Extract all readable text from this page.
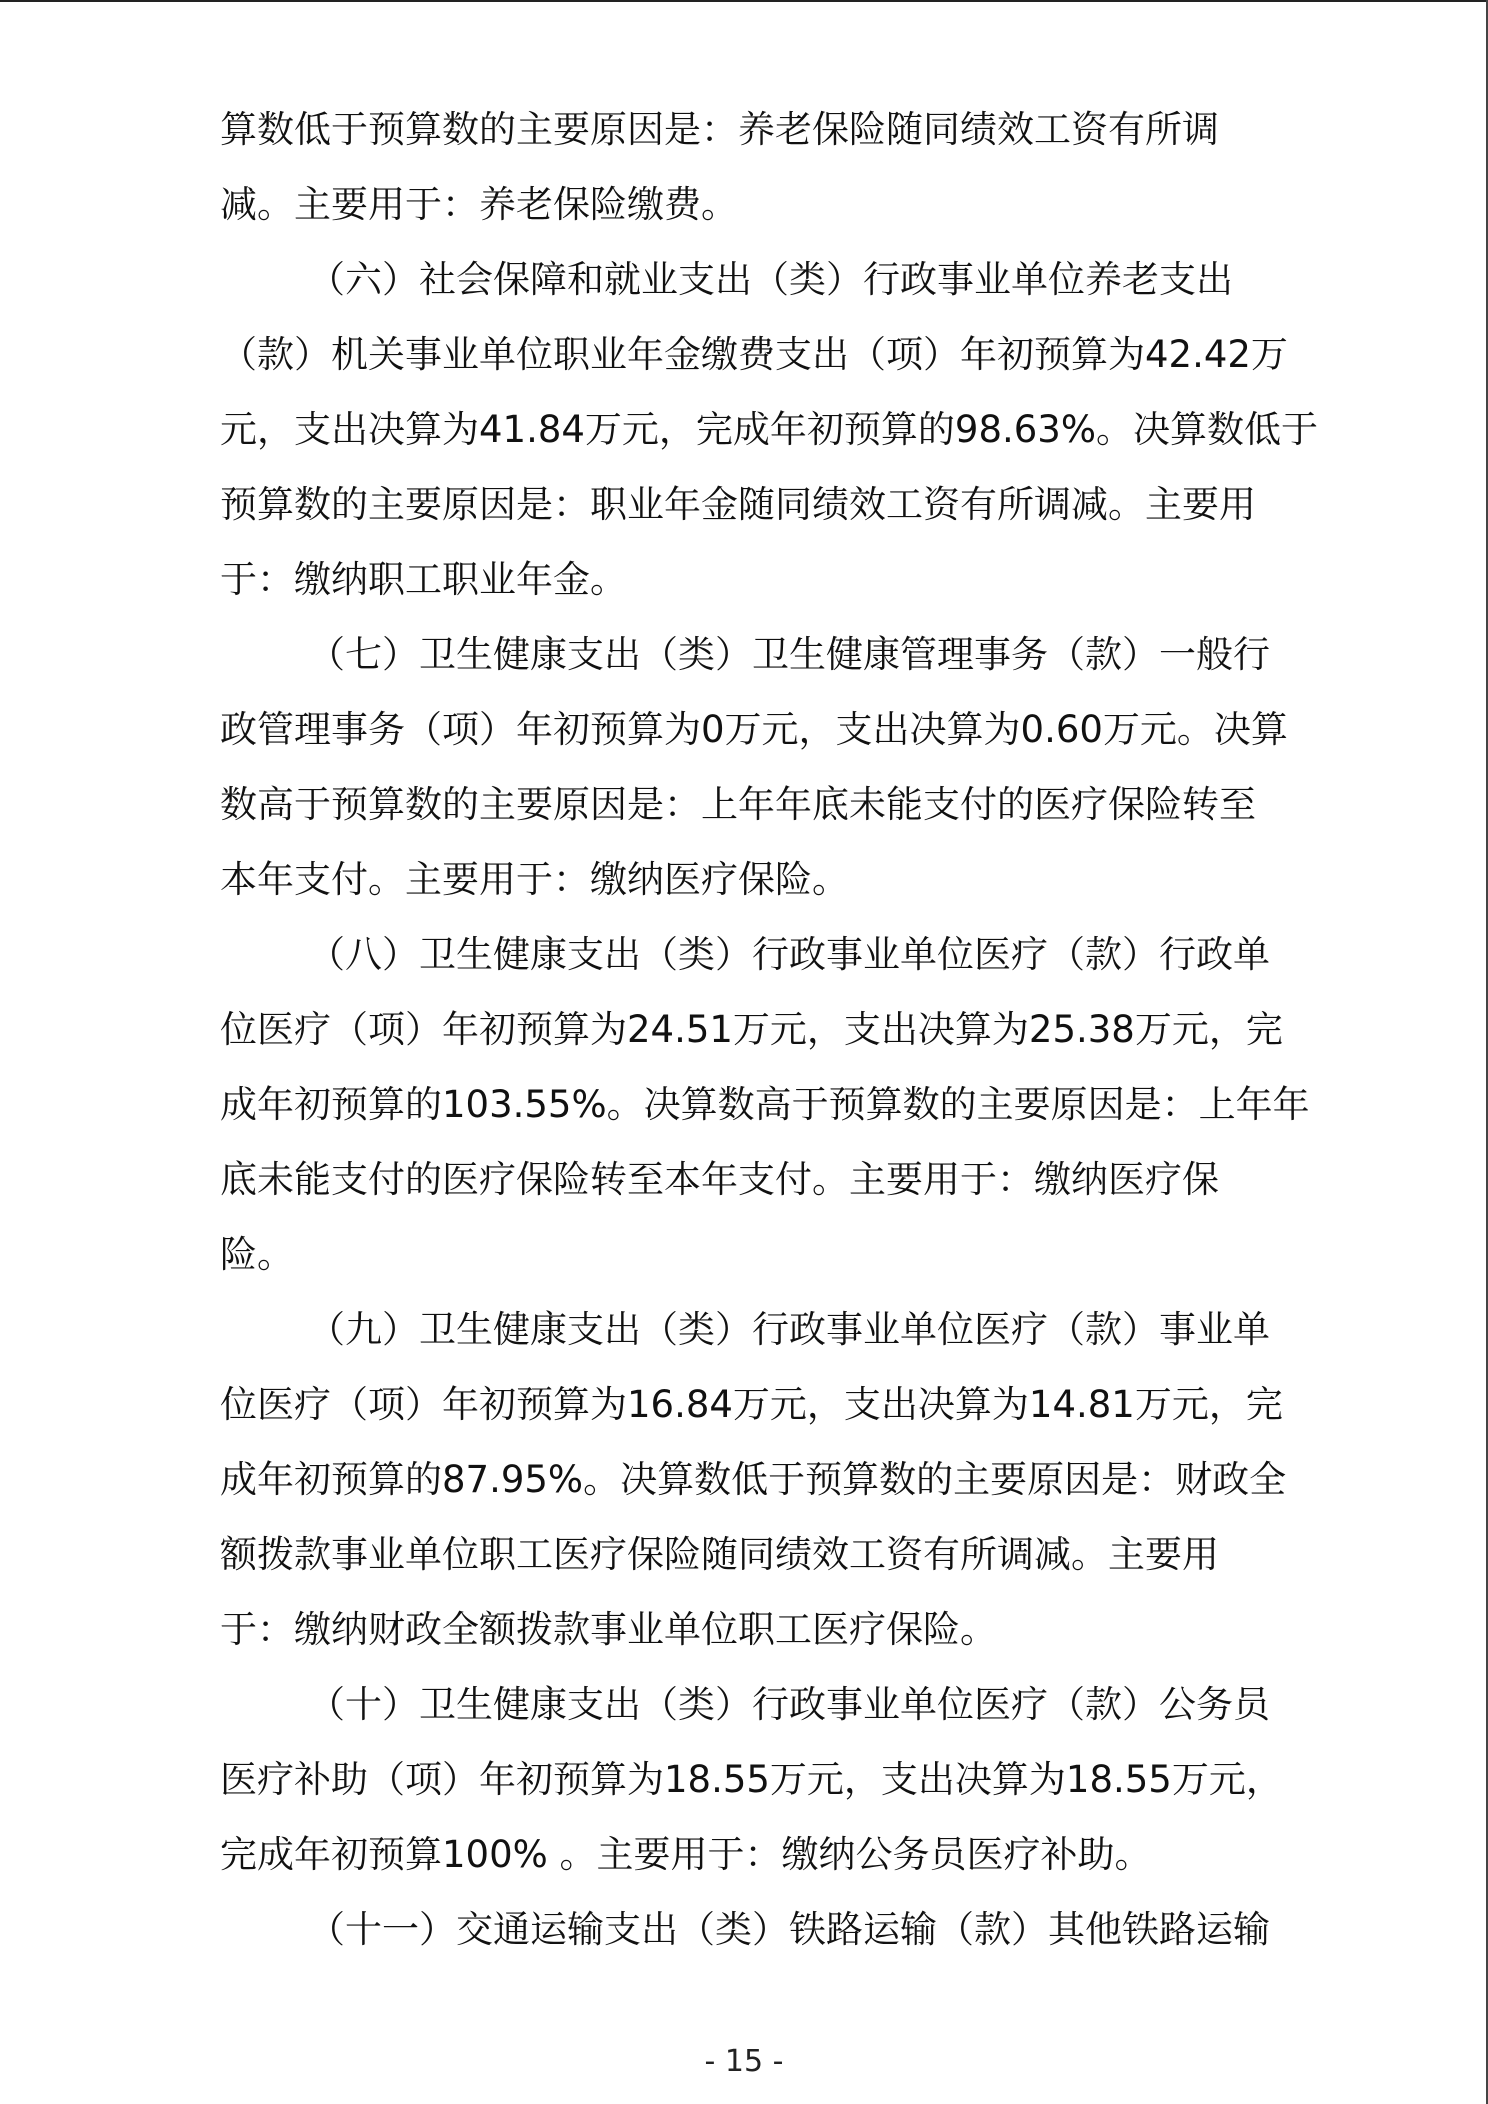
算数低于预算数的主要原因是：养老保险随同绩效工资有所调
减。主要用于：养老保险缴费。
（六）社会保障和就业支出（类）行政事业单位养老支出
（款）机关事业单位职业年金缴费支出（项）年初预算为42.42万
元，支出决算为41.84万元，完成年初预算的98.63%。决算数低于
预算数的主要原因是：职业年金随同绩效工资有所调减。主要用
于：缴纳职工职业年金。
（七）卫生健康支出（类）卫生健康管理事务（款）一般行
政管理事务（项）年初预算为0万元，支出决算为0.60万元。决算
数高于预算数的主要原因是：上年年底未能支付的医疗保险转至
本年支付。主要用于：缴纳医疗保险。
（八）卫生健康支出（类）行政事业单位医疗（款）行政单
位医疗（项）年初预算为24.51万元，支出决算为25.38万元，完
成年初预算的103.55%。决算数高于预算数的主要原因是：上年年
底未能支付的医疗保险转至本年支付。主要用于：缴纳医疗保
险。
（九）卫生健康支出（类）行政事业单位医疗（款）事业单
位医疗（项）年初预算为16.84万元，支出决算为14.81万元，完
成年初预算的87.95%。决算数低于预算数的主要原因是：财政全
额拨款事业单位职工医疗保险随同绩效工资有所调减。主要用
于：缴纳财政全额拨款事业单位职工医疗保险。
（十）卫生健康支出（类）行政事业单位医疗（款）公务员
医疗补助（项）年初预算为18.55万元，支出决算为18.55万元，
完成年初预算100% 。主要用于：缴纳公务员医疗补助。
（十一）交通运输支出（类）铁路运输（款）其他铁路运输
- 15 -
